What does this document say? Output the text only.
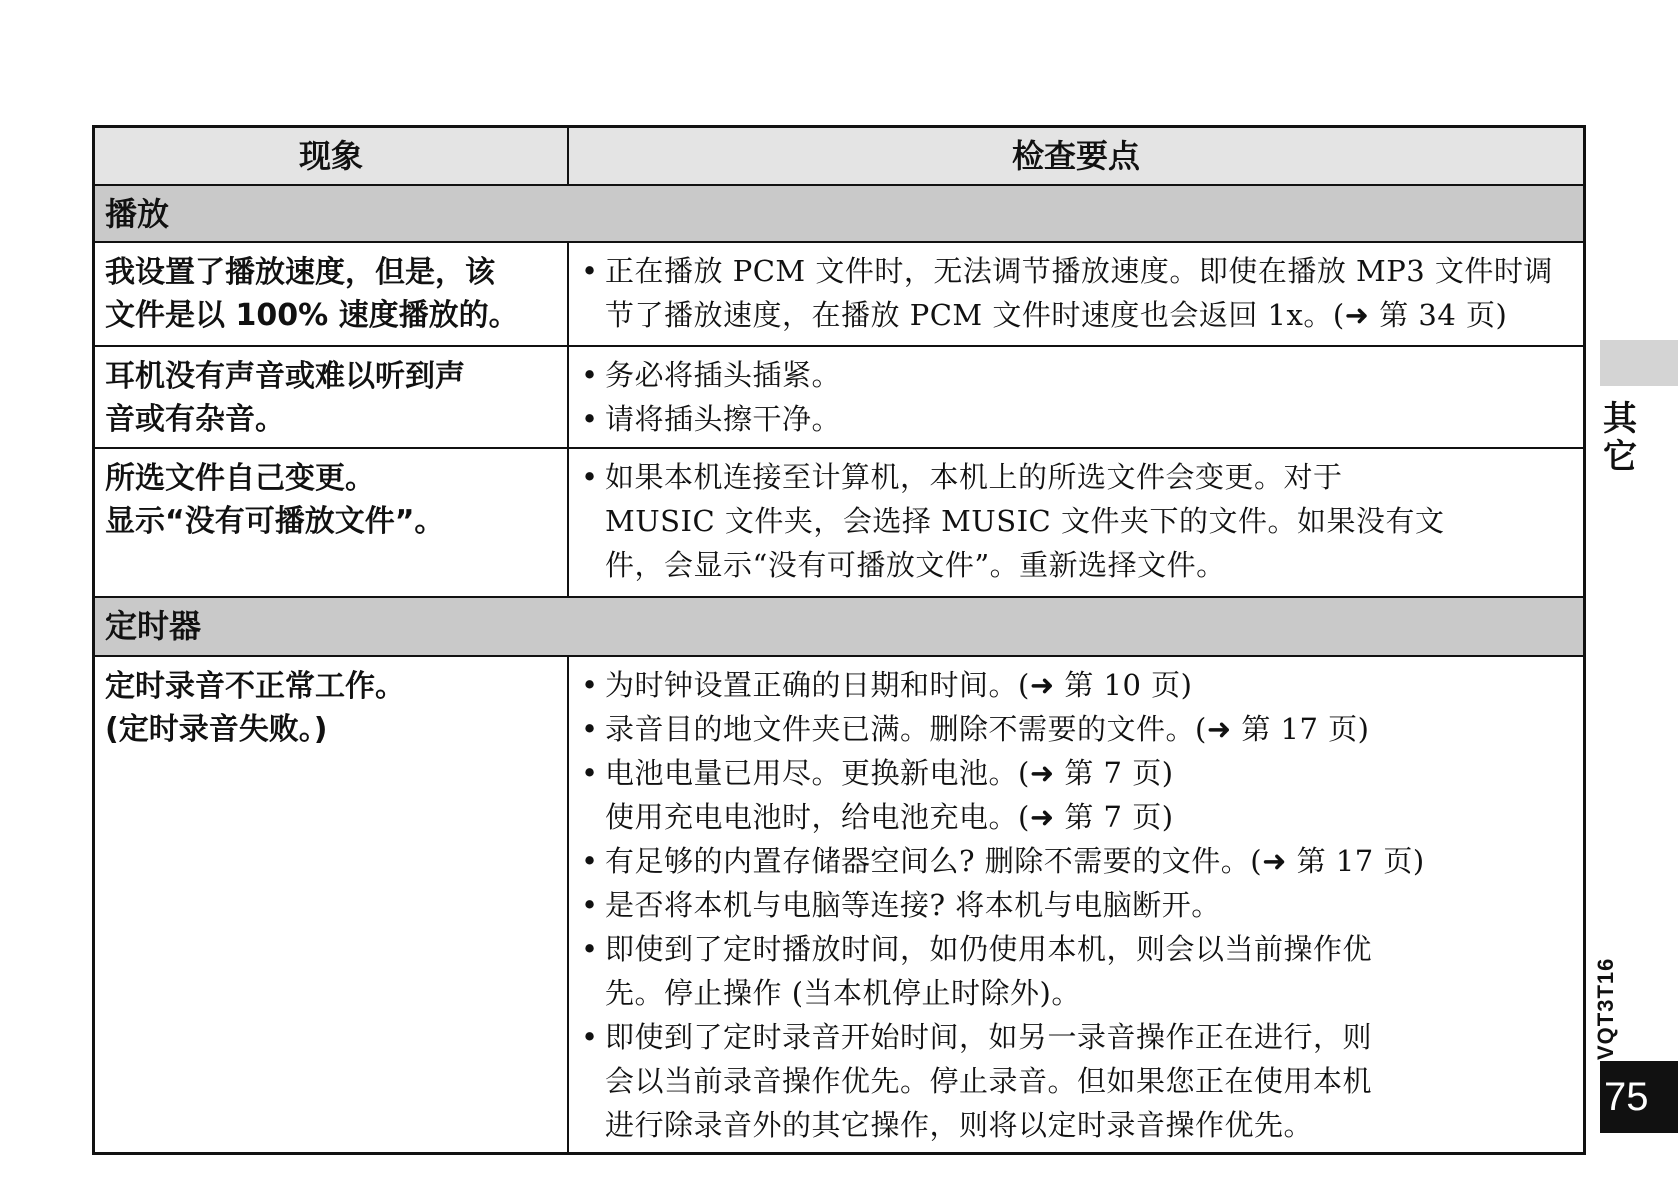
现象	检查要点
播放
我设置了播放速度，但是，该
文件是以 100% 速度播放的。
• 正在播放 PCM 文件时，无法调节播放速度。即使在播放 MP3 文件时调
节了播放速度，在播放 PCM 文件时速度也会返回 1x。(➜ 第 34 页)
耳机没有声音或难以听到声
音或有杂音。
• 务必将插头插紧。
• 请将插头擦干净。
所选文件自己变更。
显示“没有可播放文件”。
• 如果本机连接至计算机，本机上的所选文件会变更。对于
MUSIC 文件夹，会选择 MUSIC 文件夹下的文件。如果没有文
件，会显示“没有可播放文件”。重新选择文件。
定时器
定时录音不正常工作。
(定时录音失败。)
• 为时钟设置正确的日期和时间。(➜ 第 10 页)
• 录音目的地文件夹已满。删除不需要的文件。(➜ 第 17 页)
• 电池电量已用尽。更换新电池。(➜ 第 7 页)
使用充电电池时，给电池充电。(➜ 第 7 页)
• 有足够的内置存储器空间么? 删除不需要的文件。(➜ 第 17 页)
• 是否将本机与电脑等连接? 将本机与电脑断开。
• 即使到了定时播放时间，如仍使用本机，则会以当前操作优
先。停止操作 (当本机停止时除外)。
• 即使到了定时录音开始时间，如另一录音操作正在进行，则
会以当前录音操作优先。停止录音。但如果您正在使用本机
进行除录音外的其它操作，则将以定时录音操作优先。
其它
VQT3T16
75
